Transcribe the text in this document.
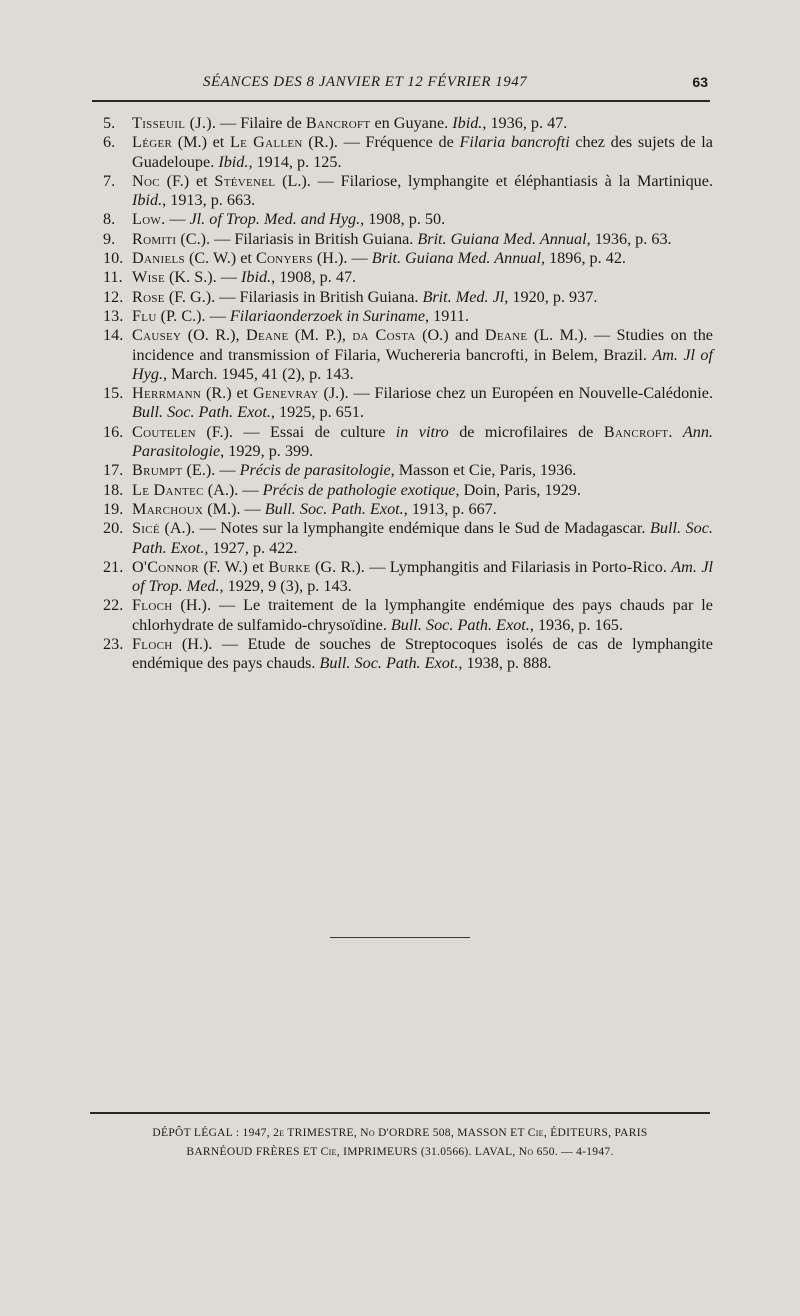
SÉANCES DES 8 JANVIER ET 12 FÉVRIER 1947	63
5.	Tisseuil (J.). — Filaire de Bancroft en Guyane. Ibid., 1936, p. 47.
6.	Léger (M.) et Le Gallen (R.). — Fréquence de Filaria bancrofti chez des sujets de la Guadeloupe. Ibid., 1914, p. 125.
7.	Noc (F.) et Stévenel (L.). — Filariose, lymphangite et éléphantiasis à la Martinique. Ibid., 1913, p. 663.
8.	Low. — Jl. of Trop. Med. and Hyg., 1908, p. 50.
9.	Romiti (C.). — Filariasis in British Guiana. Brit. Guiana Med. Annual, 1936, p. 63.
10. Daniels (C. W.) et Conyers (H.). — Brit. Guiana Med. Annual, 1896, p. 42.
11. Wise (K. S.). — Ibid., 1908, p. 47.
12. Rose (F. G.). — Filariasis in British Guiana. Brit. Med. Jl, 1920, p. 937.
13. Flu (P. C.). — Filariaonderzoek in Suriname, 1911.
14. Causey (O. R.), Deane (M. P.), da Costa (O.) and Deane (L. M.). — Studies on the incidence and transmission of Filaria, Wuchereria bancrofti, in Belem, Brazil. Am. Jl of Hyg., March. 1945, 41 (2), p. 143.
15. Herrmann (R.) et Genevray (J.). — Filariose chez un Européen en Nouvelle-Calédonie. Bull. Soc. Path. Exot., 1925, p. 651.
16. Coutelen (F.). — Essai de culture in vitro de microfilaires de Bancroft. Ann. Parasitologie, 1929, p. 399.
17. Brumpt (E.). — Précis de parasitologie, Masson et Cie, Paris, 1936.
18. Le Dantec (A.). — Précis de pathologie exotique, Doin, Paris, 1929.
19. Marchoux (M.). — Bull. Soc. Path. Exot., 1913, p. 667.
20. Sicé (A.). — Notes sur la lymphangite endémique dans le Sud de Madagascar. Bull. Soc. Path. Exot., 1927, p. 422.
21. O'Connor (F. W.) et Burke (G. R.). — Lymphangitis and Filariasis in Porto-Rico. Am. Jl of Trop. Med., 1929, 9 (3), p. 143.
22. Floch (H.). — Le traitement de la lymphangite endémique des pays chauds par le chlorhydrate de sulfamido-chrysoïdine. Bull. Soc. Path. Exot., 1936, p. 165.
23. Floch (H.). — Etude de souches de Streptocoques isolés de cas de lymphangite endémique des pays chauds. Bull. Soc. Path. Exot., 1938, p. 888.
DÉPÔT LÉGAL : 1947, 2e TRIMESTRE, No D'ORDRE 508, MASSON ET Cie, ÉDITEURS, PARIS
BARNÉOUD FRÈRES ET Cie, IMPRIMEURS (31.0566). LAVAL, No 650. — 4-1947.
